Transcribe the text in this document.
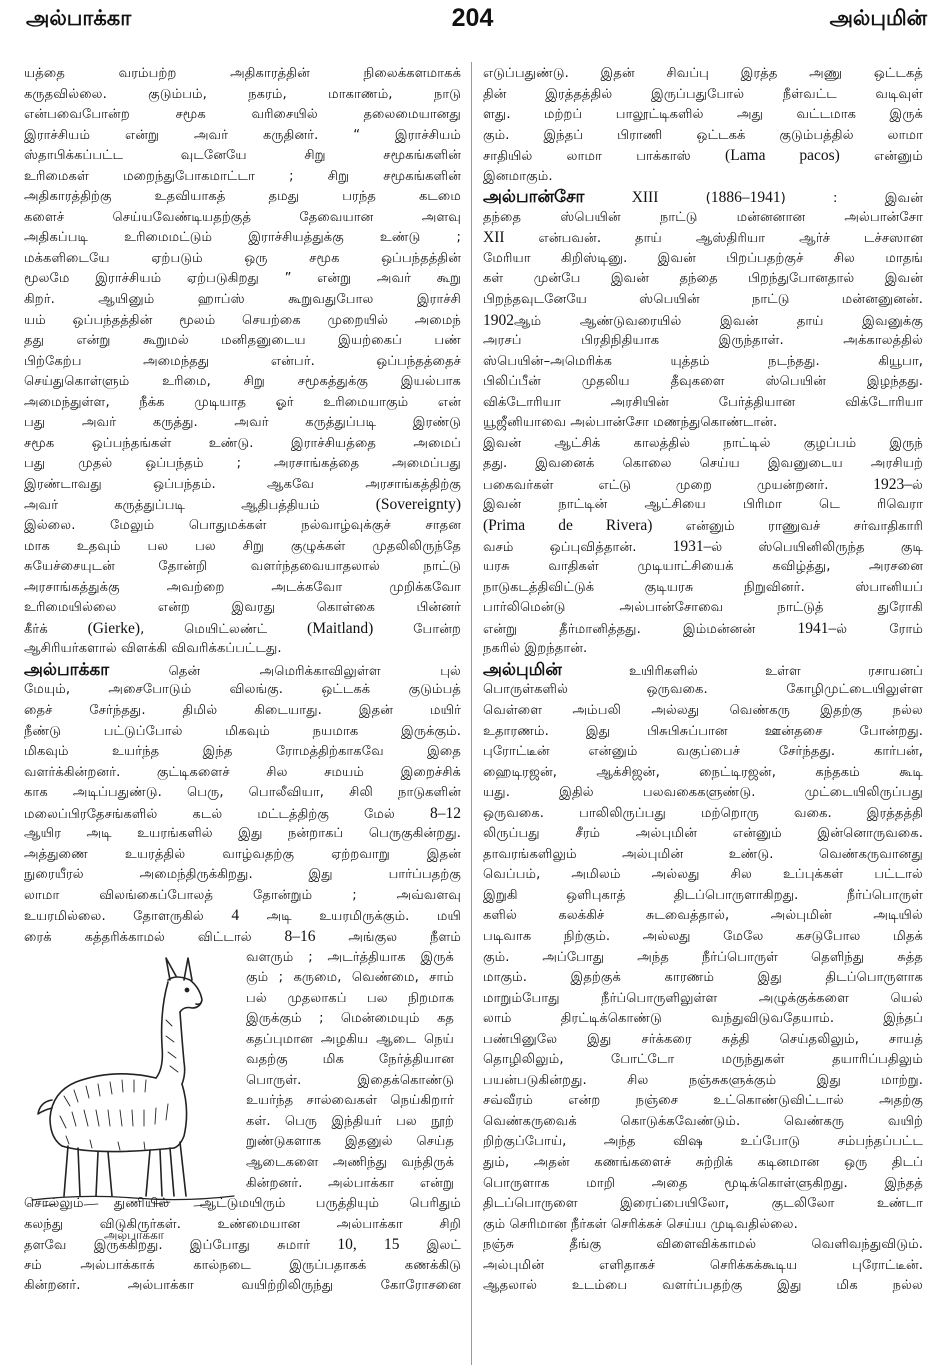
அல்பாக்கா	204	அல்புமின்
யத்தை வரம்பற்ற அதிகாரத்தின் நிலைக்களமாகக்
கருதவில்லை. குடும்பம், நகரம், மாகாணம், நாடு
என்பவைபோன்ற சமூக வரிசையில் தலைமையானது
இராச்சியம் என்று அவர் கருதினர். “ இராச்சியம்
ஸ்தாபிக்கப்பட்ட வுடனேயே சிறு சமூகங்களின்
உரிமைகள் மறைந்துபோகமாட்டா ; சிறு சமூகங்களின்
அதிகாரத்திற்கு உதவியாகத் தமது பரந்த கடமை
களைச் செய்யவேண்டியதற்குத் தேவையான அளவு
அதிகப்படி உரிமைமட்டும் இராச்சியத்துக்கு உண்டு ;
மக்களிடையே ஏற்படும் ஒரு சமூக ஒப்பந்தத்தின்
மூலமே இராச்சியம் ஏற்படுகிறது ” என்று அவர் கூறு
கிறர். ஆயினும் ஹாப்ஸ் கூறுவதுபோல இராச்சி
யம் ஒப்பந்தத்தின் மூலம் செயற்கை முறையில் அமைந்
தது என்று கூறுமல் மனிதனுடைய இயற்கைப் பண்
பிற்கேற்ப அமைந்தது என்பர். ஒப்பந்தத்தைச்
செய்துகொள்ளும் உரிமை, சிறு சமூகத்துக்கு இயல்பாக
அமைந்துள்ள, நீக்க முடியாத ஓர் உரிமையாகும் என்
பது அவர் கருத்து. அவர் கருத்துப்படி இரண்டு
சமூக ஒப்பந்தங்கள் உண்டு. இராச்சியத்தை அமைப்
பது முதல் ஒப்பந்தம் ; அரசாங்கத்தை அமைப்பது
இரண்டாவது ஒப்பந்தம். ஆகவே அரசாங்கத்திற்கு
அவர் கருத்துப்படி ஆதிபத்தியம் (Sovereignty)
இல்லை. மேலும் பொதுமக்கள் நல்வாழ்வுக்குச் சாதன
மாக உதவும் பல பல சிறு குழுக்கள் முதலிலிருந்தே
சுயேச்சையுடன் தோன்றி வளர்ந்தவையாதலால் நாட்டு
அரசாங்கத்துக்கு அவற்றை அடக்கவோ முறிக்கவோ
உரிமையில்லை என்ற இவரது கொள்கை பின்னர்
கீர்க் (Gierke), மெயிட்லண்ட் (Maitland) போன்ற
ஆசிரியர்களால் விளக்கி விவரிக்கப்பட்டது.
அல்பாக்கா தென் அமெரிக்காவிலுள்ள புல்
மேயும், அசைபோடும் விலங்கு. ஒட்டகக் குடும்பத்
தைச் சேர்ந்தது. திமில் கிடையாது. இதன் மயிர்
நீண்டு பட்டுப்போல் மிகவும் நயமாக இருக்கும்.
மிகவும் உயர்ந்த இந்த ரோமத்திற்காகவே இதை
வளர்க்கின்றனர். குட்டிகளைச் சில சமயம் இறைச்சிக்
காக அடிப்பதுண்டு. பெரு, பொலீவியா, சிலி நாடுகளின்
மலைப்பிரதேசங்களில் கடல் மட்டத்திற்கு மேல் 8–12
ஆயிர அடி உயரங்களில் இது நன்றாகப் பெருகுகின்றது.
அத்துணை உயரத்தில் வாழ்வதற்கு ஏற்றவாறு இதன்
நுரையீரல் அமைந்திருக்கிறது. இது பார்ப்பதற்கு
லாமா விலங்கைப்போலத் தோன்றும் ; அவ்வளவு
உயரமில்லை. தோளருகில் 4 அடி உயரமிருக்கும். மயி
ரைக் கத்தரிக்காமல் விட்டால் 8–16 அங்குல நீளம்
வளரும் ; அடர்த்தியாக இருக்
கும் ; கருமை, வெண்மை, சாம்
பல் முதலாகப் பல நிறமாக
இருக்கும் ; மென்மையும் கத
கதப்புமான அழகிய ஆடை நெய்
வதற்கு மிக நேர்த்தியான
பொருள். இதைக்கொண்டு
உயர்ந்த சால்வைகள் நெய்கிறார்
கள். பெரு இந்தியர் பல நூற்
றுண்டுகளாக இதனுல் செய்த
ஆடைகளை அணிந்து வந்திருக்
கின்றனர். அல்பாக்கா என்று
சொல்லும் துணியில் ஆட்டுமயிரும் பருத்தியும் பெரிதும்
கலந்து விடுகிருர்கள். உண்மையான அல்பாக்கா சிறி
தளவே இருக்கிறது. இப்போது சுமார் 10, 15 இலட்
சம் அல்பாக்காக் கால்நடை இருப்பதாகக் கணக்கிடு
கின்றனர். அல்பாக்கா வயிற்றிலிருந்து கோரோசனை
எடுப்பதுண்டு. இதன் சிவப்பு இரத்த அணு ஒட்டகத்
தின் இரத்தத்தில் இருப்பதுபோல் நீள்வட்ட வடிவுள்
ளது. மற்றப் பாலூட்டிகளில் அது வட்டமாக இருக்
கும். இந்தப் பிராணி ஒட்டகக் குடும்பத்தில் லாமா
சாதியில் லாமா பாக்காஸ் (Lama pacos) என்னும்
இனமாகும்.
அல்பான்சோ	XIII (1886–1941) : இவன்
தந்தை ஸ்பெயின் நாட்டு மன்னனான அல்பான்சோ
XII என்பவன். தாய் ஆஸ்திரியா ஆர்ச் டச்சஸான
மேரியா கிறிஸ்டினு. இவன் பிறப்பதற்குச் சில மாதங்
கள் முன்பே இவன் தந்தை பிறந்துபோனதால் இவன்
பிறந்தவுடனேயே ஸ்பெயின் நாட்டு மன்னனுனன்.
1902ஆம் ஆண்டுவரையில் இவன் தாய் இவனுக்கு
அரசப் பிரதிநிதியாக இருந்தாள். அக்காலத்தில்
ஸ்பெயின்–அமெரிக்க யுத்தம் நடந்தது. கியூபா,
பிலிப்பீன் முதலிய தீவுகளை ஸ்பெயின் இழந்தது.
விக்டோரியா அரசியின் பேர்த்தியான விக்டோரியா
யூஜீனியாவை அல்பான்சோ மணந்துகொண்டான்.
இவன் ஆட்சிக் காலத்தில் நாட்டில் குழப்பம் இருந்
தது. இவனைக் கொலை செய்ய இவனுடைய அரசியற்
பகைவர்கள் எட்டு முறை முயன்றனர். 1923–ல்
இவன் நாட்டின் ஆட்சியை பிரிமா டெ ரிவெரா
(Prima de Rivera) என்னும் ராணுவச் சர்வாதிகாரி
வசம் ஒப்புவித்தான். 1931–ல் ஸ்பெயினிலிருந்த குடி
யரசு வாதிகள் முடியாட்சியைக் கவிழ்த்து, அரசனை
நாடுகடத்திவிட்டுக் குடியரசு நிறுவினர். ஸ்பானியப்
பார்லிமென்டு அல்பான்சோவை நாட்டுத் துரோகி
என்று தீர்மானித்தது. இம்மன்னன் 1941–ல் ரோம்
நகரில் இறந்தான்.
அல்புமின் உயிரிகளில் உள்ள ரசாயனப்
பொருள்களில் ஒருவகை. கோழிமுட்டையிலுள்ள
வெள்ளை அம்பலி அல்லது வெண்கரு இதற்கு நல்ல
உதாரணம். இது பிசுபிசுப்பான ஊன்தசை போன்றது.
புரோட்டீன் என்னும் வகுப்பைச் சேர்ந்தது. கார்பன்,
ஹைடிரஜன், ஆக்சிஜன், நைட்டிரஜன், கந்தகம் கூடி
யது. இதில் பலவகைகளுண்டு. முட்டையிலிருப்பது
ஒருவகை. பாலிலிருப்பது மற்றொரு வகை. இரத்தத்தி
லிருப்பது சீரம் அல்புமின் என்னும் இன்னொருவகை.
தாவரங்களிலும் அல்புமின் உண்டு. வெண்கருவானது
வெப்பம், அமிலம் அல்லது சில உப்புக்கள் பட்டால்
இறுகி ஒளிபுகாத் திடப்பொருளாகிறது. நீர்ப்பொருள்
களில் கலக்கிச் சுடவைத்தால், அல்புமின் அடியில்
படிவாக நிற்கும். அல்லது மேலே கசடுபோல மிதக்
கும். அப்போது அந்த நீர்ப்பொருள் தெளிந்து சுத்த
மாகும். இதற்குக் காரணம் இது திடப்பொருளாக
மாறும்போது நீர்ப்பொருளிலுள்ள அழுக்குக்களை யெல்
லாம் திரட்டிக்கொண்டு வந்துவிடுவதேயாம். இந்தப்
பண்பினுலே இது சர்க்கரை சுத்தி செய்தலிலும், சாயத்
தொழிலிலும், போட்டோ மருந்துகள் தயாரிப்பதிலும்
பயன்படுகின்றது. சில நஞ்சுகளுக்கும் இது மாற்று.
சவ்வீரம் என்ற நஞ்சை உட்கொண்டுவிட்டால் அதற்கு
வெண்கருவைக் கொடுக்கவேண்டும். வெண்கரு வயிற்
றிற்குப்போய், அந்த விஷ உப்போடு சம்பந்தப்பட்ட
தும், அதன் கணங்களைச் சுற்றிக் கடினமான ஒரு திடப்
பொருளாக மாறி அதை மூடிக்கொள்ளுகிறது. இந்தத்
திடப்பொருளை இரைப்பையிலோ, குடலிலோ உண்டா
கும் செரிமான நீர்கள் செரிக்கச் செய்ய முடிவதில்லை.
நஞ்சு தீங்கு விளைவிக்காமல் வெளிவந்துவிடும்.
அல்புமின் எளிதாகச் செரிக்கக்கூடிய புரோட்டீன்.
ஆதலால் உடம்பை வளர்ப்பதற்கு இது மிக நல்ல
அல்பாக்கா
